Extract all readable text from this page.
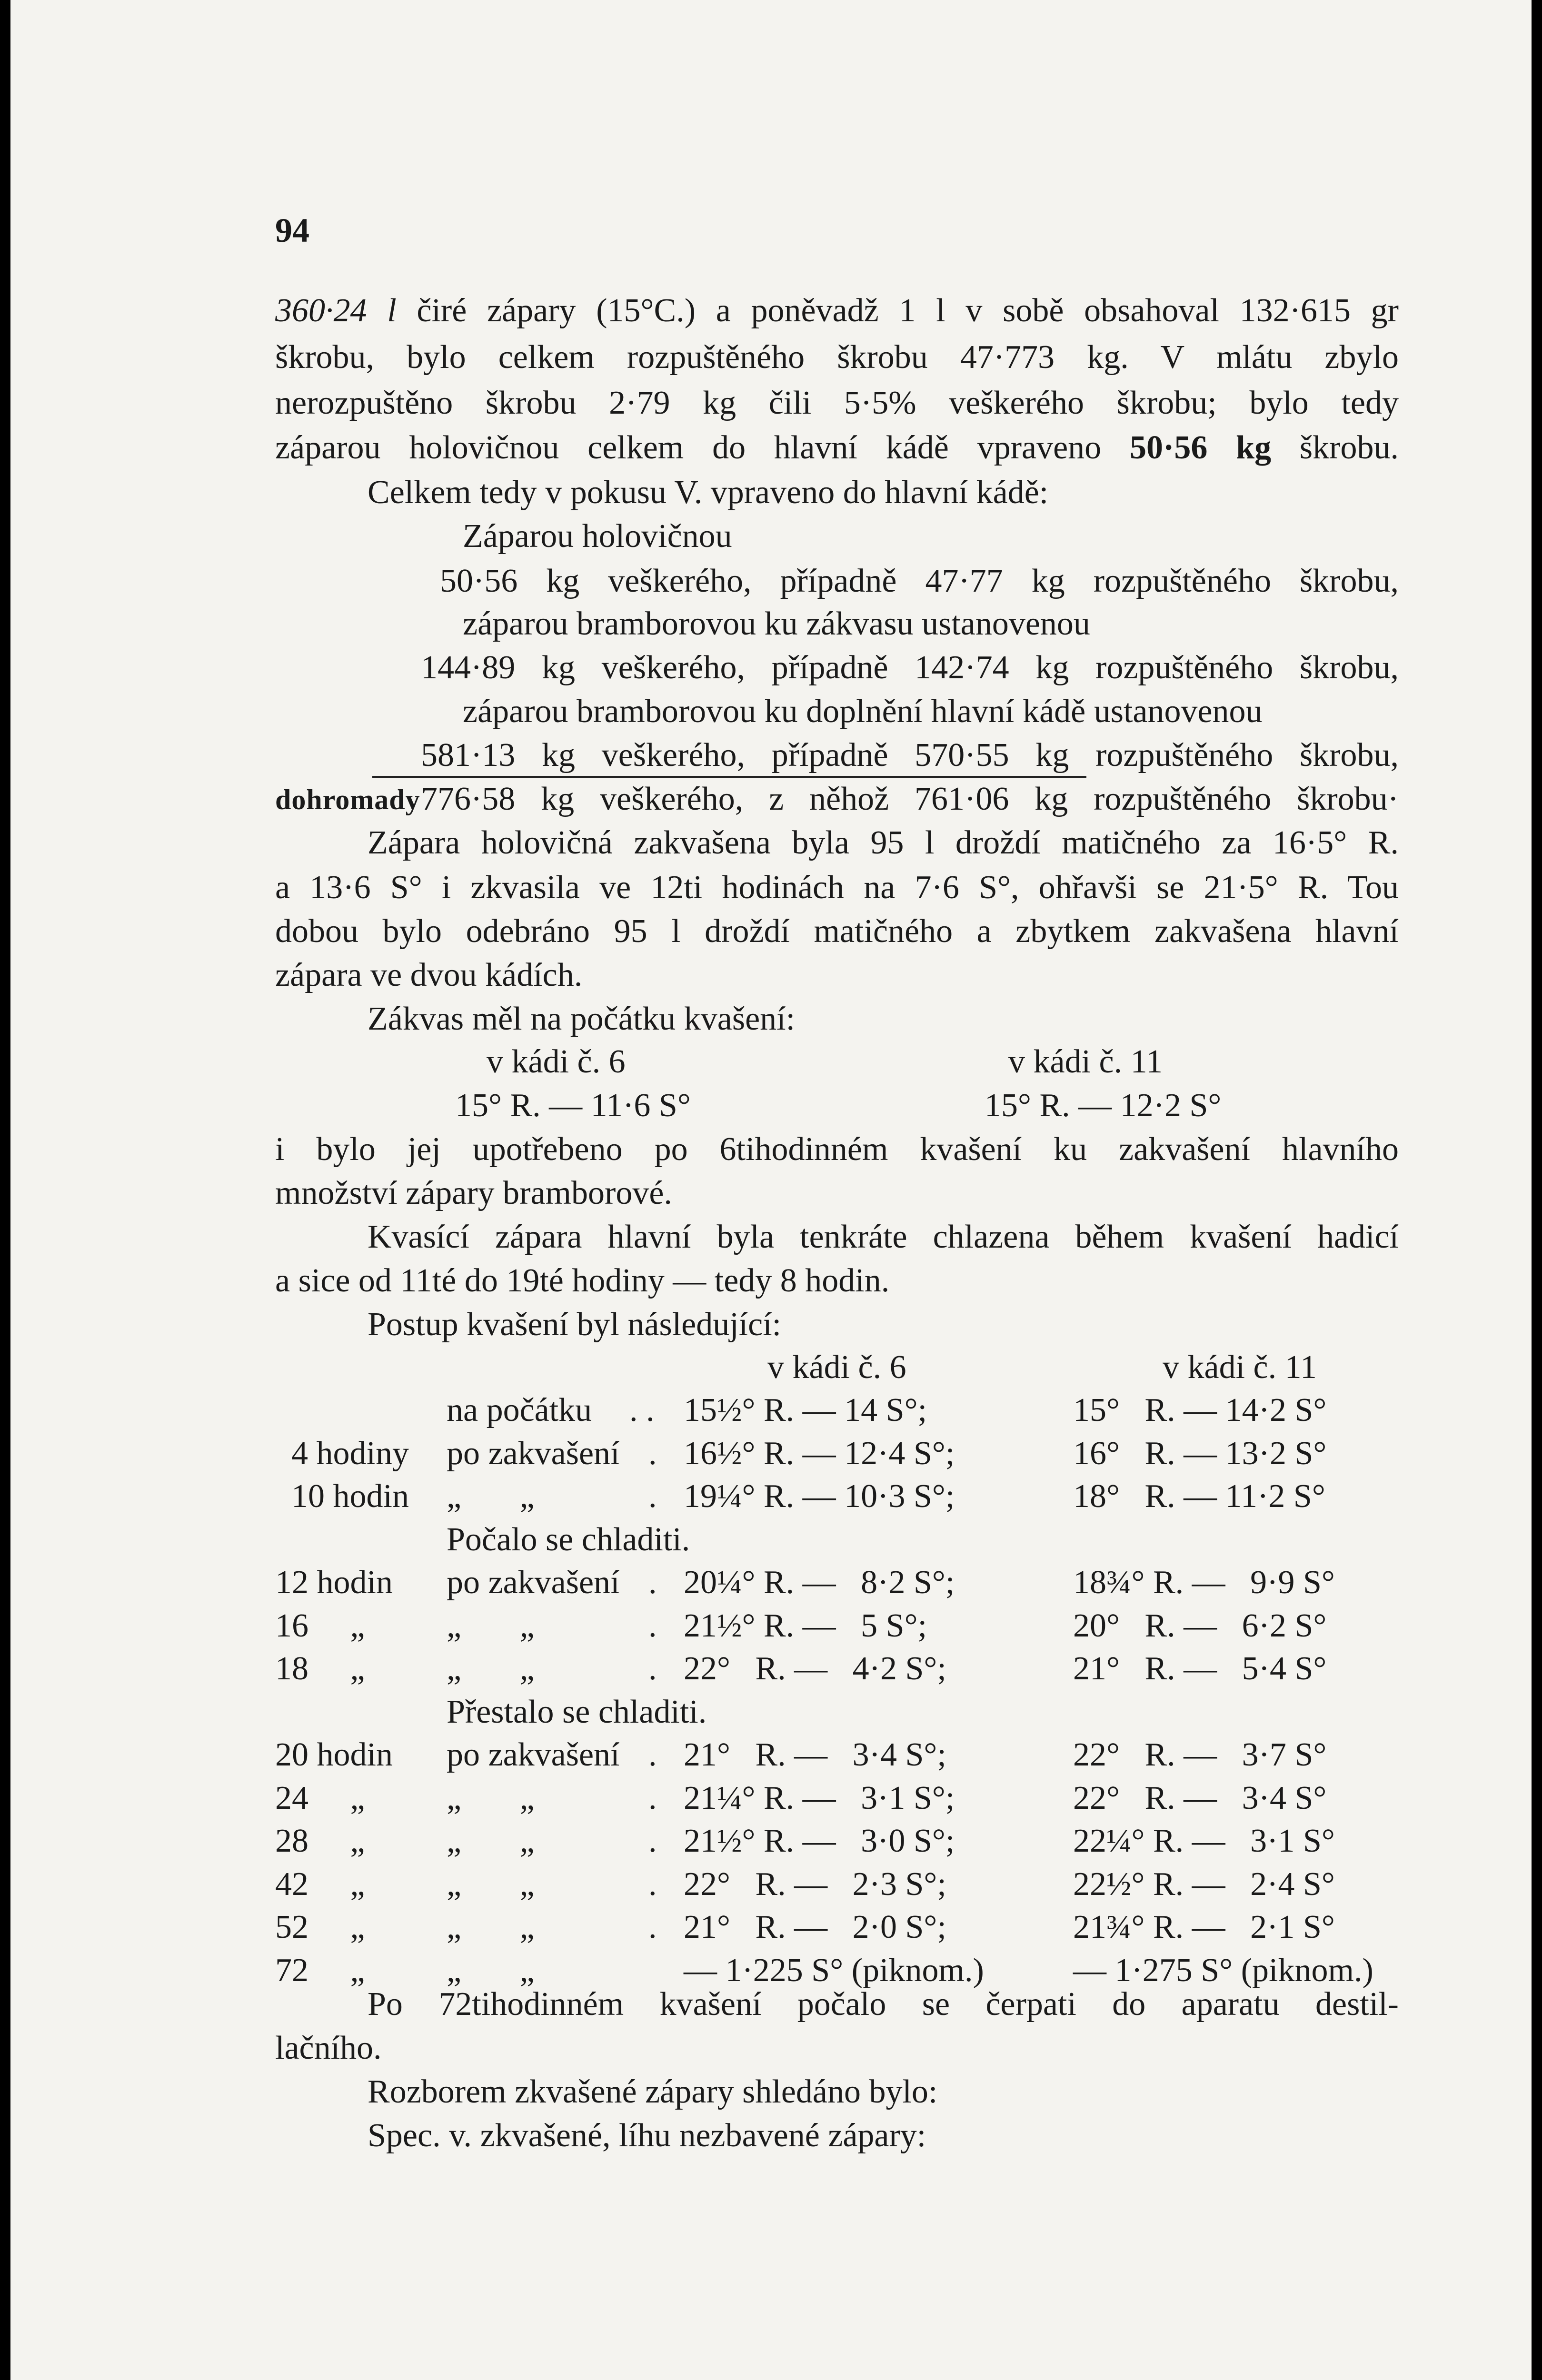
94
360·24 l čiré zápary (15°C.) a poněvadž 1 l v sobě obsahoval 132·615 gr
škrobu, bylo celkem rozpuštěného škrobu 47·773 kg. V mlátu zbylo
nerozpuštěno škrobu 2·79 kg čili 5·5% veškerého škrobu; bylo tedy
záparou holovičnou celkem do hlavní kádě vpraveno 50·56 kg škrobu.
Celkem tedy v pokusu V. vpraveno do hlavní kádě:
Záparou holovičnou
50·56 kg veškerého, případně 47·77 kg rozpuštěného škrobu,
záparou bramborovou ku zákvasu ustanovenou
144·89 kg veškerého, případně 142·74 kg rozpuštěného škrobu,
záparou bramborovou ku doplnění hlavní kádě ustanovenou
581·13 kg veškerého, případně 570·55 kg rozpuštěného škrobu,
dohromady 776·58 kg veškerého, z něhož 761·06 kg rozpuštěného škrobu·
Zápara holovičná zakvašena byla 95 l droždí matičného za 16·5° R.
a 13·6 S° i zkvasila ve 12ti hodinách na 7·6 S°, ohřavši se 21·5° R. Tou
dobou bylo odebráno 95 l droždí matičného a zbytkem zakvašena hlavní
zápara ve dvou kádích.
Zákvas měl na počátku kvašení:
v kádi č. 6	v kádi č. 11
15° R. — 11·6 S°	15° R. — 12·2 S°
i bylo jej upotřebeno po 6tihodinném kvašení ku zakvašení hlavního
množství zápary bramborové.
Kvasící zápara hlavní byla tenkráte chlazena během kvašení hadicí
a sice od 11té do 19té hodiny — tedy 8 hodin.
Postup kvašení byl následující:
v kádi č. 6	v kádi č. 11
na počátku . . 15½° R. — 14 S°;	15°   R. — 14·2 S°
4 hodiny po zakvašení . 16½° R. — 12·4 S°;	16°   R. — 13·2 S°
10 hodin „       „	. 19¼° R. — 10·3 S°;	18°   R. — 11·2 S°
Počalo se chladiti.
12 hodin po zakvašení . 20¼° R. —   8·2 S°;	18¾° R. —   9·9 S°
16     „ „       „	. 21½° R. —   5 S°;	20°   R. —   6·2 S°
18     „ „       „	. 22°   R. —   4·2 S°;	21°   R. —   5·4 S°
Přestalo se chladiti.
20 hodin po zakvašení . 21°   R. —   3·4 S°;	22°   R. —   3·7 S°
24     „ „       „	. 21¼° R. —   3·1 S°;	22°   R. —   3·4 S°
28     „ „       „	. 21½° R. —   3·0 S°;	22¼° R. —   3·1 S°
42     „ „       „	. 22°   R. —   2·3 S°;	22½° R. —   2·4 S°
52     „ „       „	. 21°   R. —   2·0 S°;	21¾° R. —   2·1 S°
72     „ „       „	— 1·225 S° (piknom.)	— 1·275 S° (piknom.)
Po 72tihodinném kvašení počalo se čerpati do aparatu destil-
lačního.
Rozborem zkvašené zápary shledáno bylo:
Spec. v. zkvašené, líhu nezbavené zápary:
